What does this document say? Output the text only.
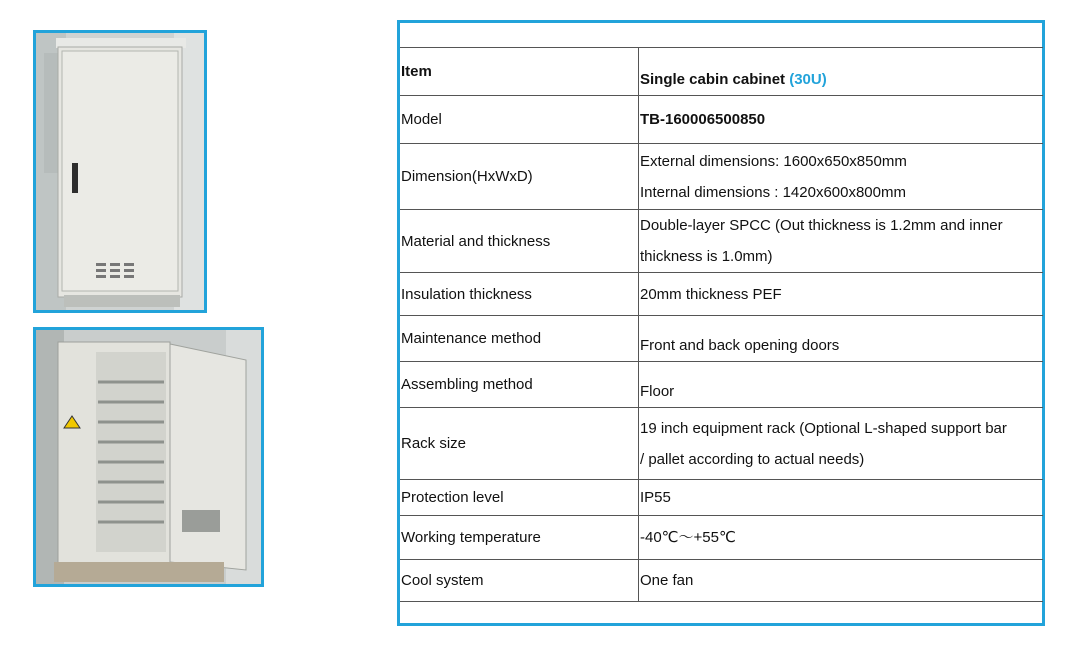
Item	Single cabin cabinet (30U)
Model	TB-160006500850
Dimension(HxWxD)	External dimensions: 1600x650x850mm
Internal dimensions : 1420x600x800mm

Material and thickness	Double-layer SPCC (Out thickness is 1.2mm and inner
thickness is 1.0mm)

Insulation thickness	20mm thickness PEF
Maintenance method	Front and back opening doors
Assembling method	Floor
Rack size	19 inch equipment rack (Optional L-shaped support bar
/ pallet according to actual needs)

Protection level	IP55
Working temperature	-40℃～+55℃
Cool system	One fan
